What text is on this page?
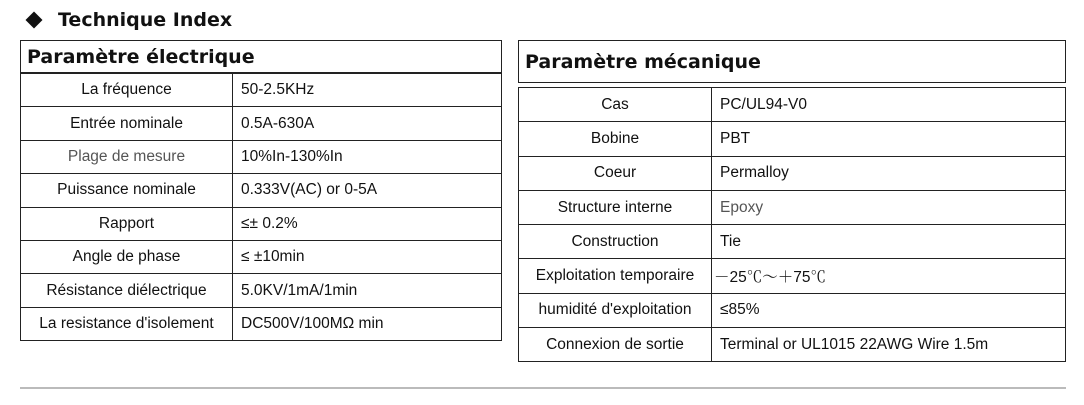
Technique Index
Paramètre électrique
La fréquence	50-2.5KHz
Entrée nominale	0.5A-630A
Plage de mesure	10%In-130%In
Puissance nominale	0.333V(AC) or 0-5A
Rapport	≤± 0.2%
Angle de phase	≤ ±10min
Résistance diélectrique	5.0KV/1mA/1min
La resistance d'isolement	DC500V/100MΩ min
Paramètre mécanique
Cas	PC/UL94-V0
Bobine	PBT
Coeur	Permalloy
Structure interne	Epoxy
Construction	Tie
Exploitation temporaire	－25℃～＋75℃
humidité d'exploitation	≤85%
Connexion de sortie	Terminal or UL1015 22AWG Wire 1.5m
